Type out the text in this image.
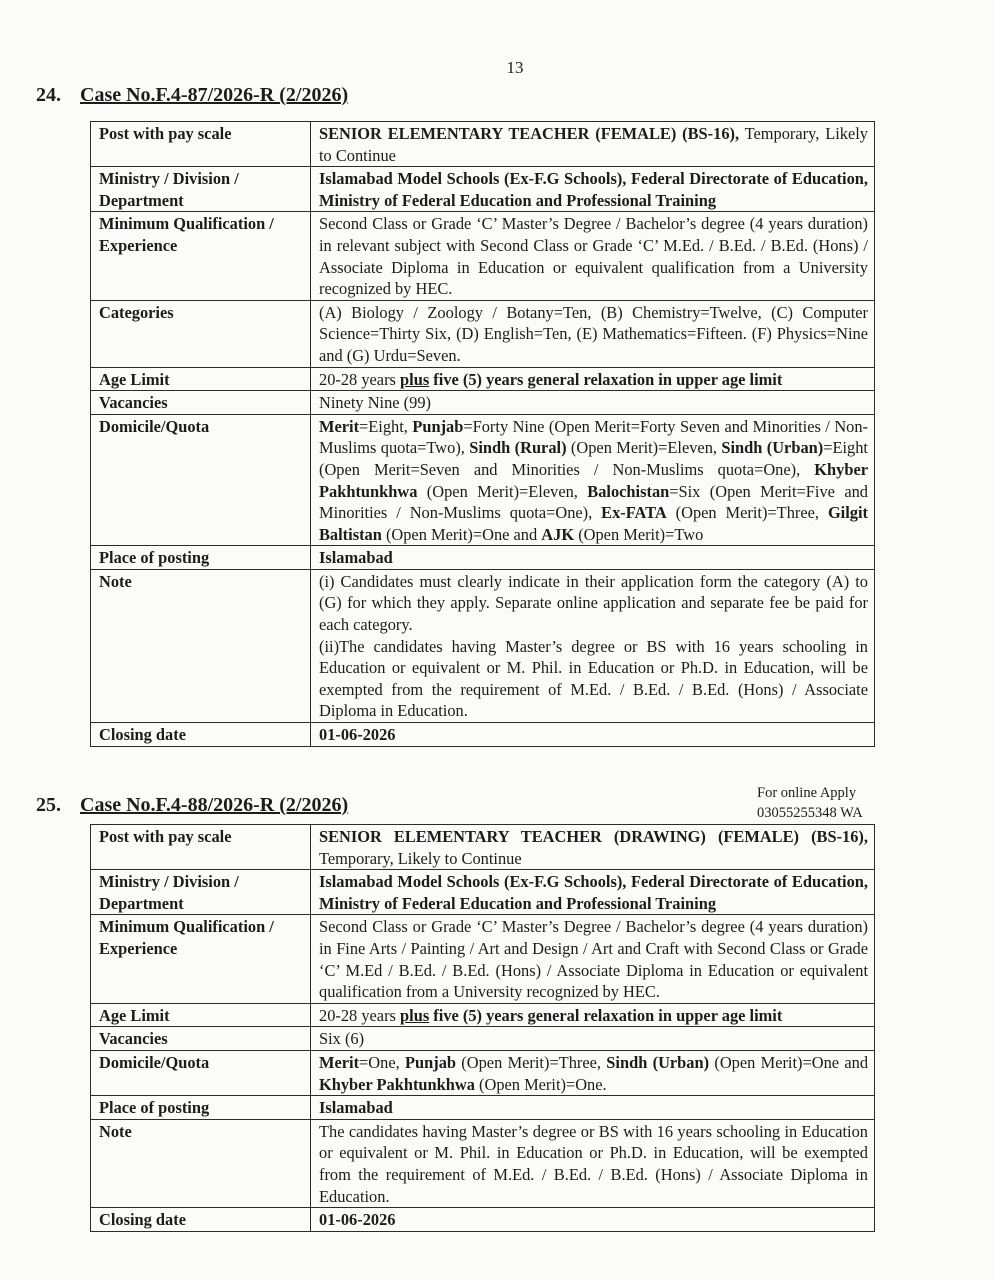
13
24. Case No.F.4-87/2026-R (2/2026)
Post with pay scale	SENIOR ELEMENTARY TEACHER (FEMALE) (BS-16), Temporary, Likely to Continue
Ministry / Division / Department	Islamabad Model Schools (Ex-F.G Schools), Federal Directorate of Education, Ministry of Federal Education and Professional Training
Minimum Qualification / Experience	Second Class or Grade ‘C’ Master’s Degree / Bachelor’s degree (4 years duration) in relevant subject with Second Class or Grade ‘C’ M.Ed. / B.Ed. / B.Ed. (Hons) / Associate Diploma in Education or equivalent qualification from a University recognized by HEC.
Categories	(A) Biology / Zoology / Botany=Ten, (B) Chemistry=Twelve, (C) Computer Science=Thirty Six, (D) English=Ten, (E) Mathematics=Fifteen. (F) Physics=Nine and (G) Urdu=Seven.
Age Limit	20-28 years plus five (5) years general relaxation in upper age limit
Vacancies	Ninety Nine (99)
Domicile/Quota	Merit=Eight, Punjab=Forty Nine (Open Merit=Forty Seven and Minorities / Non-Muslims quota=Two), Sindh (Rural) (Open Merit)=Eleven, Sindh (Urban)=Eight (Open Merit=Seven and Minorities / Non-Muslims quota=One), Khyber Pakhtunkhwa (Open Merit)=Eleven, Balochistan=Six (Open Merit=Five and Minorities / Non-Muslims quota=One), Ex-FATA (Open Merit)=Three, Gilgit Baltistan (Open Merit)=One and AJK (Open Merit)=Two
Place of posting	Islamabad
Note	(i) Candidates must clearly indicate in their application form the category (A) to (G) for which they apply. Separate online application and separate fee be paid for each category.
(ii)The candidates having Master’s degree or BS with 16 years schooling in Education or equivalent or M. Phil. in Education or Ph.D. in Education, will be exempted from the requirement of M.Ed. / B.Ed. / B.Ed. (Hons) / Associate Diploma in Education.

Closing date	01-06-2026
For online Apply
03055255348 WA
25. Case No.F.4-88/2026-R (2/2026)
Post with pay scale	SENIOR ELEMENTARY TEACHER (DRAWING) (FEMALE) (BS-16), Temporary, Likely to Continue
Ministry / Division / Department	Islamabad Model Schools (Ex-F.G Schools), Federal Directorate of Education, Ministry of Federal Education and Professional Training
Minimum Qualification / Experience	Second Class or Grade ‘C’ Master’s Degree / Bachelor’s degree (4 years duration) in Fine Arts / Painting / Art and Design / Art and Craft with Second Class or Grade ‘C’ M.Ed / B.Ed. / B.Ed. (Hons) / Associate Diploma in Education or equivalent qualification from a University recognized by HEC.
Age Limit	20-28 years plus five (5) years general relaxation in upper age limit
Vacancies	Six (6)
Domicile/Quota	Merit=One, Punjab (Open Merit)=Three, Sindh (Urban) (Open Merit)=One and Khyber Pakhtunkhwa (Open Merit)=One.
Place of posting	Islamabad
Note	The candidates having Master’s degree or BS with 16 years schooling in Education or equivalent or M. Phil. in Education or Ph.D. in Education, will be exempted from the requirement of M.Ed. / B.Ed. / B.Ed. (Hons) / Associate Diploma in Education.
Closing date	01-06-2026
